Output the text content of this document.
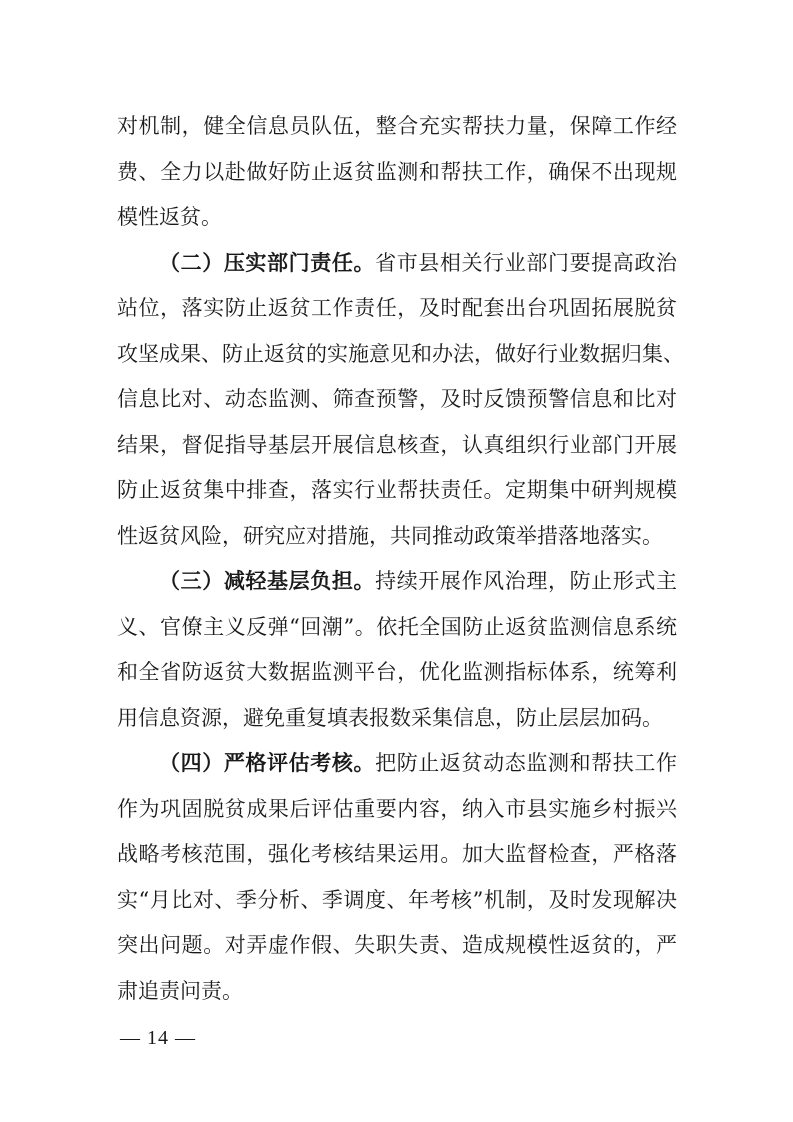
对机制，健全信息员队伍，整合充实帮扶力量，保障工作经
费、全力以赴做好防止返贫监测和帮扶工作，确保不出现规
模性返贫。
（二）压实部门责任。省市县相关行业部门要提高政治
站位，落实防止返贫工作责任，及时配套出台巩固拓展脱贫
攻坚成果、防止返贫的实施意见和办法，做好行业数据归集、
信息比对、动态监测、筛查预警，及时反馈预警信息和比对
结果，督促指导基层开展信息核查，认真组织行业部门开展
防止返贫集中排查，落实行业帮扶责任。定期集中研判规模
性返贫风险，研究应对措施，共同推动政策举措落地落实。
（三）减轻基层负担。持续开展作风治理，防止形式主
义、官僚主义反弹“回潮”。依托全国防止返贫监测信息系统
和全省防返贫大数据监测平台，优化监测指标体系，统筹利
用信息资源，避免重复填表报数采集信息，防止层层加码。
（四）严格评估考核。把防止返贫动态监测和帮扶工作
作为巩固脱贫成果后评估重要内容，纳入市县实施乡村振兴
战略考核范围，强化考核结果运用。加大监督检查，严格落
实“月比对、季分析、季调度、年考核”机制，及时发现解决
突出问题。对弄虚作假、失职失责、造成规模性返贫的，严
肃追责问责。
— 14 —
